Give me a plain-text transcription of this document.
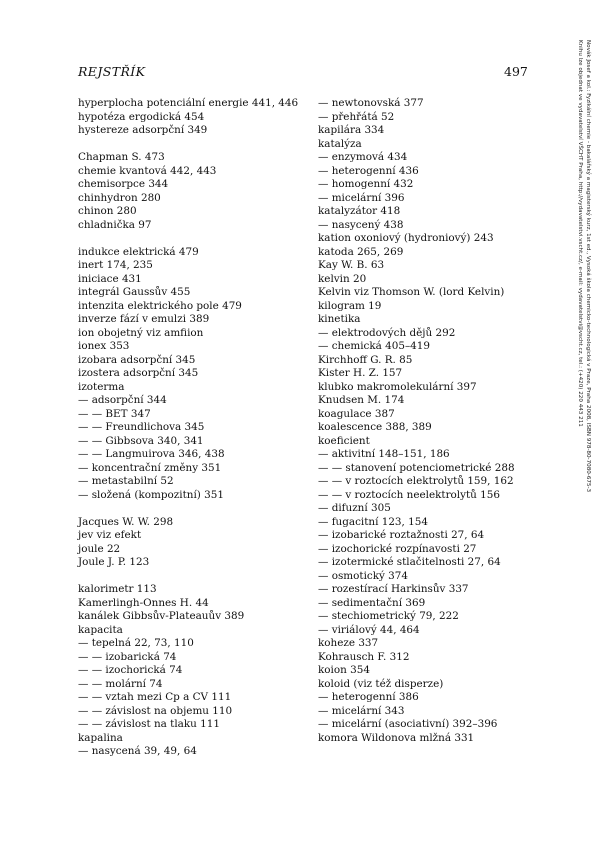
REJSTŘÍK	497
hyperplocha potenciální energie 441, 446
hypotéza ergodická 454
hystereze adsorpční 349
Chapman S. 473
chemie kvantová 442, 443
chemisorpce 344
chinhydron 280
chinon 280
chladnička 97
indukce elektrická 479
inert 174, 235
iniciace 431
integrál Gaussův 455
intenzita elektrického pole 479
inverze fází v emulzi 389
ion obojetný viz amfiion
ionex 353
izobara adsorpční 345
izostera adsorpční 345
izoterma
— adsorpční 344
— — BET 347
— — Freundlichova 345
— — Gibbsova 340, 341
— — Langmuirova 346, 438
— koncentrační změny 351
— metastabilní 52
— složená (kompozitní) 351
Jacques W. W. 298
jev viz efekt
joule 22
Joule J. P. 123
kalorimetr 113
Kamerlingh-Onnes H. 44
kanálek Gibbsův-Plateauův 389
kapacita
— tepelná 22, 73, 110
— — izobarická 74
— — izochorická 74
— — molární 74
— — vztah mezi Cp a CV 111
— — závislost na objemu 110
— — závislost na tlaku 111
kapalina
— nasycená 39, 49, 64
— newtonovská 377
— přehřátá 52
kapilára 334
katalýza
— enzymová 434
— heterogenní 436
— homogenní 432
— micelární 396
katalyzátor 418
— nasycený 438
kation oxoniový (hydroniový) 243
katoda 265, 269
Kay W. B. 63
kelvin 20
Kelvin viz Thomson W. (lord Kelvin)
kilogram 19
kinetika
— elektrodových dějů 292
— chemická 405–419
Kirchhoff G. R. 85
Kister H. Z. 157
klubko makromolekulární 397
Knudsen M. 174
koagulace 387
koalescence 388, 389
koeficient
— aktivitní 148–151, 186
— — stanovení potenciometrické 288
— — v roztocích elektrolytů 159, 162
— — v roztocích neelektrolytů 156
— difuzní 305
— fugacitní 123, 154
— izobarické roztažnosti 27, 64
— izochorické rozpínavosti 27
— izotermické stlačitelnosti 27, 64
— osmotický 374
— rozestírací Harkinsův 337
— sedimentační 369
— stechiometrický 79, 222
— viriálový 44, 464
koheze 337
Kohrausch F. 312
koion 354
koloid (viz též disperze)
— heterogenní 386
— micelární 343
— micelární (asociativní) 392–396
komora Wildonova mlžná 331
Novák Josef a kol.: Fyzikální chemie - bakalářský a magisterský kurz, 1st ed., Vysoká škola chemicko-technologická v Praze, Praha 2008, ISBN 978-80-7080-675-3
Knihu lze objednat ve vydavatelství VŠCHT Praha, http://vydavatelstvi.vscht.cz/, e-mail: vydavatelstvi@vscht.cz, tel.: (+420) 220 443 211
